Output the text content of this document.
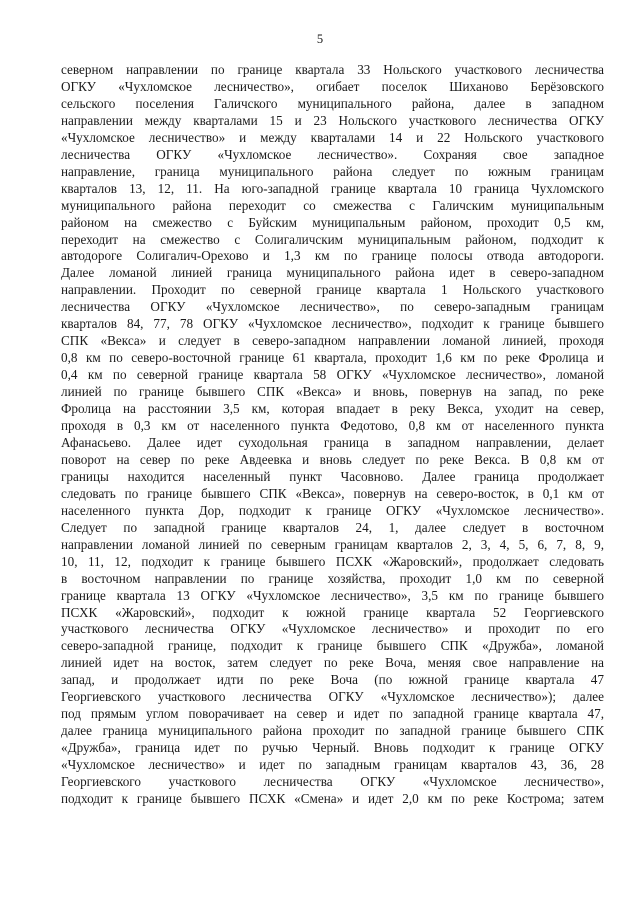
5
северном направлении по границе квартала 33 Нольского участкового лесничества
ОГКУ «Чухломское лесничество», огибает поселок Шиханово Берёзовского
сельского поселения Галичского муниципального района, далее в западном
направлении между кварталами 15 и 23 Нольского участкового лесничества ОГКУ
«Чухломское лесничество» и между кварталами 14 и 22 Нольского участкового
лесничества ОГКУ «Чухломское лесничество». Сохраняя свое западное
направление, граница муниципального района следует по южным границам
кварталов 13, 12, 11. На юго-западной границе квартала 10 граница Чухломского
муниципального района переходит со смежества с Галичским муниципальным
районом на смежество с Буйским муниципальным районом, проходит 0,5 км,
переходит на смежество с Солигаличским муниципальным районом, подходит к
автодороге Солигалич-Орехово и 1,3 км по границе полосы отвода автодороги.
Далее ломаной линией граница муниципального района идет в северо-западном
направлении. Проходит по северной границе квартала 1 Нольского участкового
лесничества ОГКУ «Чухломское лесничество», по северо-западным границам
кварталов 84, 77, 78 ОГКУ «Чухломское лесничество», подходит к границе бывшего
СПК «Векса» и следует в северо-западном направлении ломаной линией, проходя
0,8 км по северо-восточной границе 61 квартала, проходит 1,6 км по реке Фролица и
0,4 км по северной границе квартала 58 ОГКУ «Чухломское лесничество», ломаной
линией по границе бывшего СПК «Векса» и вновь, повернув на запад, по реке
Фролица на расстоянии 3,5 км, которая впадает в реку Векса, уходит на север,
проходя в 0,3 км от населенного пункта Федотово, 0,8 км от населенного пункта
Афанасьево. Далее идет суходольная граница в западном направлении, делает
поворот на север по реке Авдеевка и вновь следует по реке Векса. В 0,8 км от
границы находится населенный пункт Часовново. Далее граница продолжает
следовать по границе бывшего СПК «Векса», повернув на северо-восток, в 0,1 км от
населенного пункта Дор, подходит к границе ОГКУ «Чухломское лесничество».
Следует по западной границе кварталов 24, 1, далее следует в восточном
направлении ломаной линией по северным границам кварталов 2, 3, 4, 5, 6, 7, 8, 9,
10, 11, 12, подходит к границе бывшего ПСХК «Жаровский», продолжает следовать
в восточном направлении по границе хозяйства, проходит 1,0 км по северной
границе квартала 13 ОГКУ «Чухломское лесничество», 3,5 км по границе бывшего
ПСХК «Жаровский», подходит к южной границе квартала 52 Георгиевского
участкового лесничества ОГКУ «Чухломское лесничество» и проходит по его
северо-западной границе, подходит к границе бывшего СПК «Дружба», ломаной
линией идет на восток, затем следует по реке Воча, меняя свое направление на
запад, и продолжает идти по реке Воча (по южной границе квартала 47
Георгиевского участкового лесничества ОГКУ «Чухломское лесничество»); далее
под прямым углом поворачивает на север и идет по западной границе квартала 47,
далее граница муниципального района проходит по западной границе бывшего СПК
«Дружба», граница идет по ручью Черный. Вновь подходит к границе ОГКУ
«Чухломское лесничество» и идет по западным границам кварталов 43, 36, 28
Георгиевского участкового лесничества ОГКУ «Чухломское лесничество»,
подходит к границе бывшего ПСХК «Смена» и идет 2,0 км по реке Кострома; затем
